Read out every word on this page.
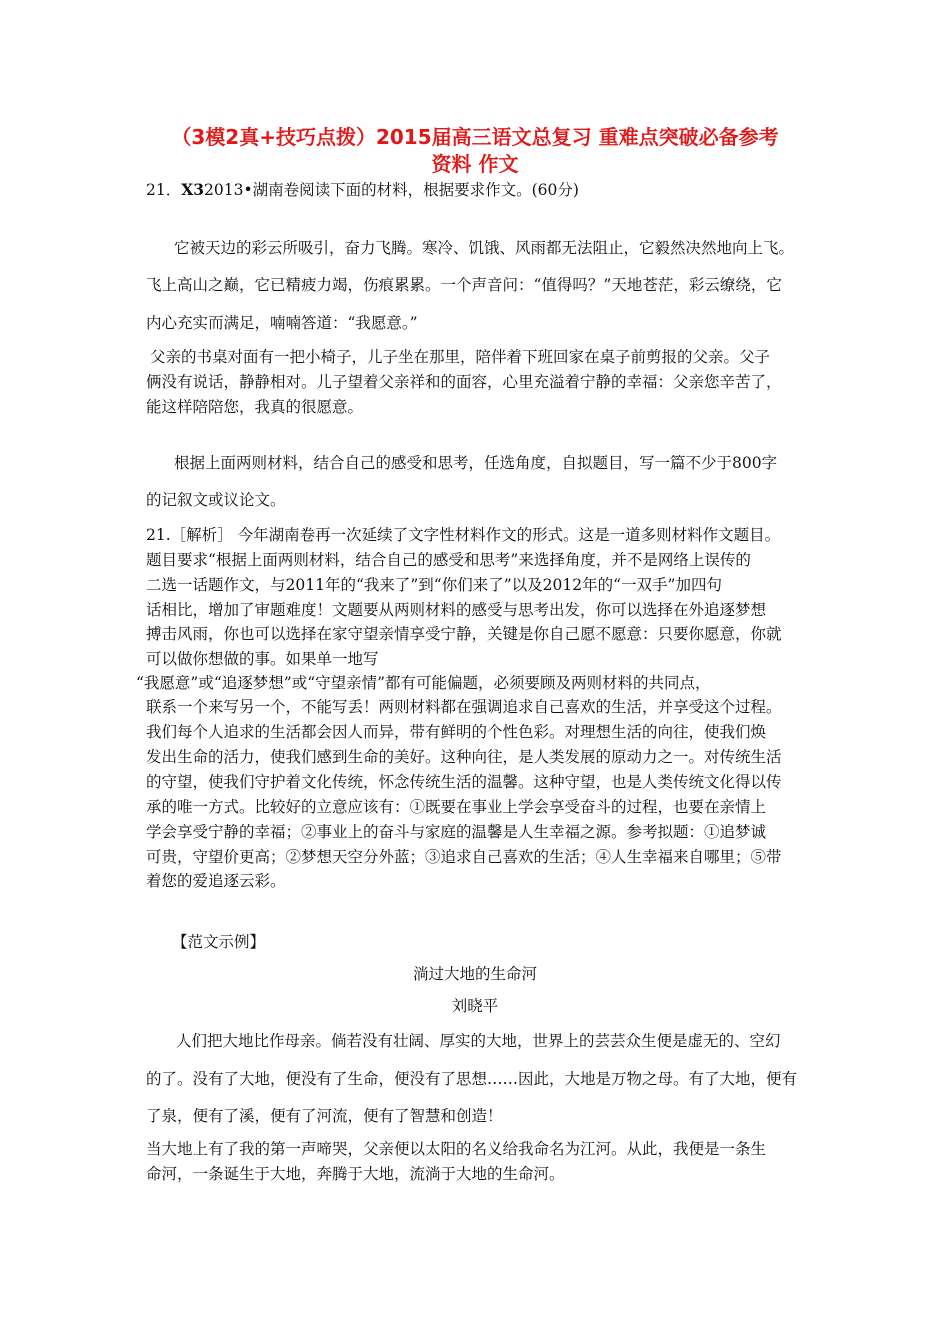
（3模2真+技巧点拨）2015届高三语文总复习 重难点突破必备参考
资料 作文
21．X32013•湖南卷阅读下面的材料，根据要求作文。(60分)
它被天边的彩云所吸引，奋力飞腾。寒冷、饥饿、风雨都无法阻止，它毅然决然地向上飞。
飞上高山之巅，它已精疲力竭，伤痕累累。一个声音问：“值得吗？”天地苍茫，彩云缭绕，它
内心充实而满足，喃喃答道：“我愿意。”
父亲的书桌对面有一把小椅子，儿子坐在那里，陪伴着下班回家在桌子前剪报的父亲。父子
俩没有说话，静静相对。儿子望着父亲祥和的面容，心里充溢着宁静的幸福：父亲您辛苦了，
能这样陪陪您，我真的很愿意。
根据上面两则材料，结合自己的感受和思考，任选角度，自拟题目，写一篇不少于800字
的记叙文或议论文。
21.［解析］ 今年湖南卷再一次延续了文字性材料作文的形式。这是一道多则材料作文题目。
题目要求“根据上面两则材料，结合自己的感受和思考”来选择角度，并不是网络上误传的
二选一话题作文，与2011年的“我来了”到“你们来了”以及2012年的“一双手”加四句
话相比，增加了审题难度！文题要从两则材料的感受与思考出发，你可以选择在外追逐梦想
搏击风雨，你也可以选择在家守望亲情享受宁静，关键是你自己愿不愿意：只要你愿意，你就
可以做你想做的事。如果单一地写
“我愿意”或“追逐梦想”或“守望亲情”都有可能偏题，必须要顾及两则材料的共同点，
联系一个来写另一个，不能写丢！两则材料都在强调追求自己喜欢的生活，并享受这个过程。
我们每个人追求的生活都会因人而异，带有鲜明的个性色彩。对理想生活的向往，使我们焕
发出生命的活力，使我们感到生命的美好。这种向往，是人类发展的原动力之一。对传统生活
的守望，使我们守护着文化传统，怀念传统生活的温馨。这种守望，也是人类传统文化得以传
承的唯一方式。比较好的立意应该有：①既要在事业上学会享受奋斗的过程，也要在亲情上
学会享受宁静的幸福；②事业上的奋斗与家庭的温馨是人生幸福之源。参考拟题：①追梦诚
可贵，守望价更高；②梦想天空分外蓝；③追求自己喜欢的生活；④人生幸福来自哪里；⑤带
着您的爱追逐云彩。
【范文示例】
淌过大地的生命河
刘晓平
人们把大地比作母亲。倘若没有壮阔、厚实的大地，世界上的芸芸众生便是虚无的、空幻
的了。没有了大地，便没有了生命，便没有了思想……因此，大地是万物之母。有了大地，便有
了泉，便有了溪，便有了河流，便有了智慧和创造！
当大地上有了我的第一声啼哭，父亲便以太阳的名义给我命名为江河。从此，我便是一条生
命河，一条诞生于大地，奔腾于大地，流淌于大地的生命河。
